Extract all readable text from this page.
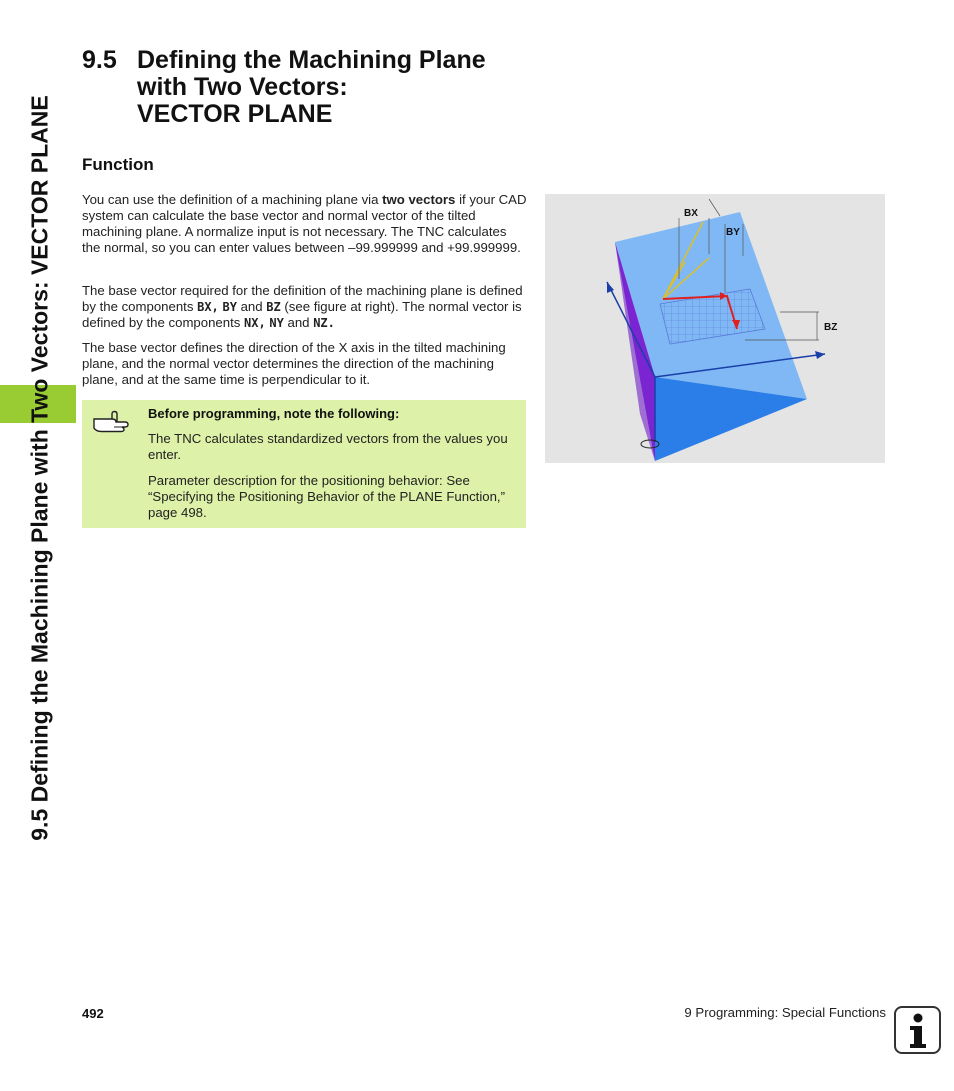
9.5 Defining the Machining Plane with Two Vectors: VECTOR PLANE
9.5 Defining the Machining Plane
with Two Vectors:
VECTOR PLANE
Function
You can use the definition of a machining plane via two vectors if your CAD system can calculate the base vector and normal vector of the tilted machining plane. A normalize input is not necessary. The TNC calculates the normal, so you can enter values between –99.999999 and +99.999999.
The base vector required for the definition of the machining plane is defined by the components BX, BY and BZ (see figure at right). The normal vector is defined by the components NX, NY and NZ.
The base vector defines the direction of the X axis in the tilted machining plane, and the normal vector determines the direction of the machining plane, and at the same time is perpendicular to it.
Before programming, note the following:
The TNC calculates standardized vectors from the values you enter.
Parameter description for the positioning behavior: See “Specifying the Positioning Behavior of the PLANE Function,” page 498.
BX
BY
BZ
492	9 Programming: Special Functions
